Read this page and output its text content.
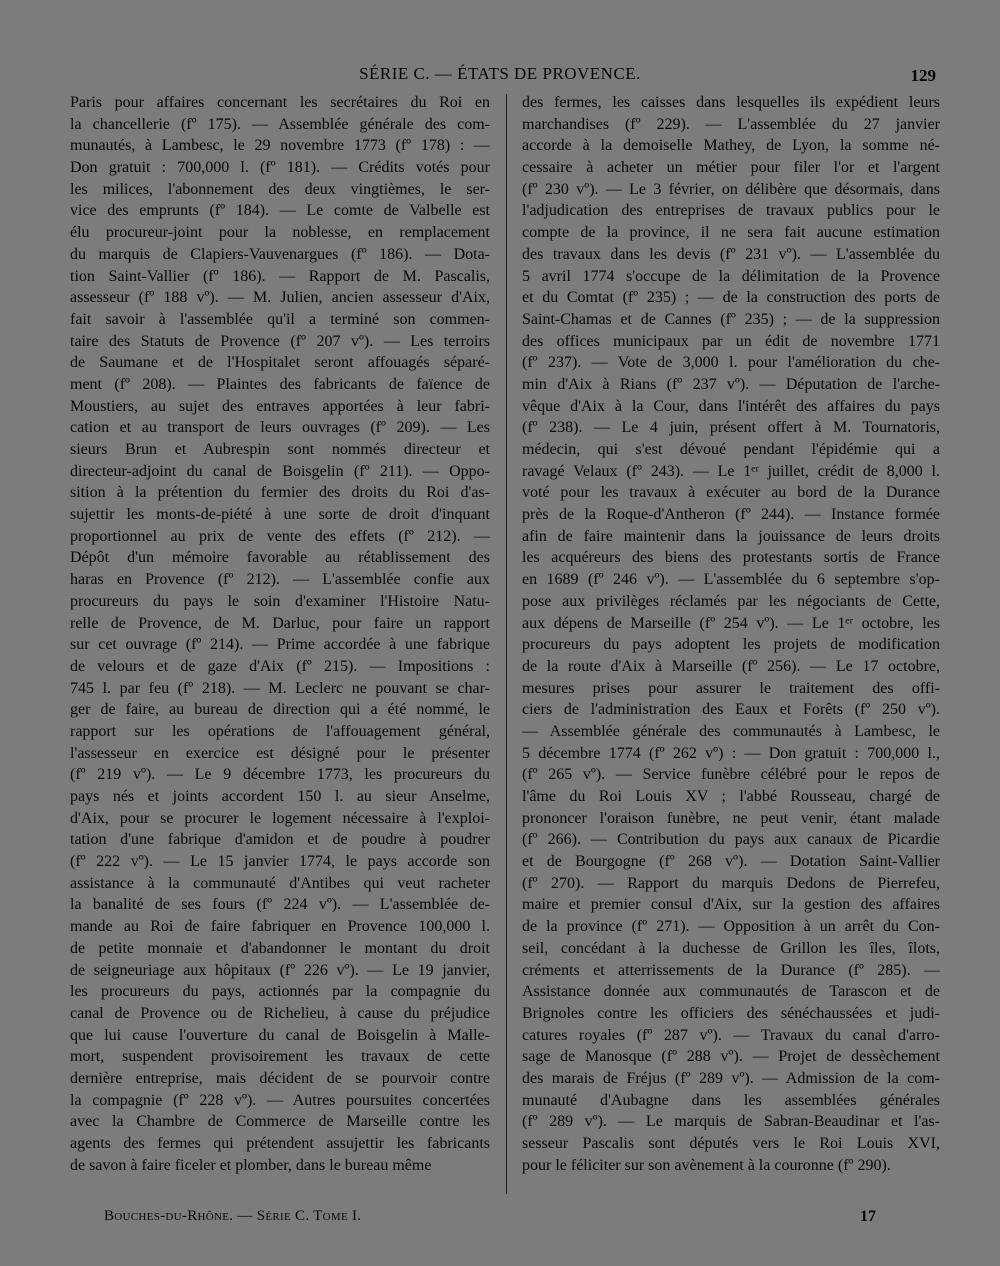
SÉRIE C. — ÉTATS DE PROVENCE.	129
Paris pour affaires concernant les secrétaires du Roi en
la chancellerie (fº 175). — Assemblée générale des com-
munautés, à Lambesc, le 29 novembre 1773 (fº 178) : —
Don gratuit : 700,000 l. (fº 181). — Crédits votés pour
les milices, l'abonnement des deux vingtièmes, le ser-
vice des emprunts (fº 184). — Le comte de Valbelle est
élu procureur-joint pour la noblesse, en remplacement
du marquis de Clapiers-Vauvenargues (fº 186). — Dota-
tion Saint-Vallier (fº 186). — Rapport de M. Pascalis,
assesseur (fº 188 vº). — M. Julien, ancien assesseur d'Aix,
fait savoir à l'assemblée qu'il a terminé son commen-
taire des Statuts de Provence (fº 207 vº). — Les terroirs
de Saumane et de l'Hospitalet seront affouagés séparé-
ment (fº 208). — Plaintes des fabricants de faïence de
Moustiers, au sujet des entraves apportées à leur fabri-
cation et au transport de leurs ouvrages (fº 209). — Les
sieurs Brun et Aubrespin sont nommés directeur et
directeur-adjoint du canal de Boisgelin (fº 211). — Oppo-
sition à la prétention du fermier des droits du Roi d'as-
sujettir les monts-de-piété à une sorte de droit d'inquant
proportionnel au prix de vente des effets (fº 212). —
Dépôt d'un mémoire favorable au rétablissement des
haras en Provence (fº 212). — L'assemblée confie aux
procureurs du pays le soin d'examiner l'Histoire Natu-
relle de Provence, de M. Darluc, pour faire un rapport
sur cet ouvrage (fº 214). — Prime accordée à une fabrique
de velours et de gaze d'Aix (fº 215). — Impositions :
745 l. par feu (fº 218). — M. Leclerc ne pouvant se char-
ger de faire, au bureau de direction qui a été nommé, le
rapport sur les opérations de l'affouagement général,
l'assesseur en exercice est désigné pour le présenter
(fº 219 vº). — Le 9 décembre 1773, les procureurs du
pays nés et joints accordent 150 l. au sieur Anselme,
d'Aix, pour se procurer le logement nécessaire à l'exploi-
tation d'une fabrique d'amidon et de poudre à poudrer
(fº 222 vº). — Le 15 janvier 1774, le pays accorde son
assistance à la communauté d'Antibes qui veut racheter
la banalité de ses fours (fº 224 vº). — L'assemblée de-
mande au Roi de faire fabriquer en Provence 100,000 l.
de petite monnaie et d'abandonner le montant du droit
de seigneuriage aux hôpitaux (fº 226 vº). — Le 19 janvier,
les procureurs du pays, actionnés par la compagnie du
canal de Provence ou de Richelieu, à cause du préjudice
que lui cause l'ouverture du canal de Boisgelin à Malle-
mort, suspendent provisoirement les travaux de cette
dernière entreprise, mais décident de se pourvoir contre
la compagnie (fº 228 vº). — Autres poursuites concertées
avec la Chambre de Commerce de Marseille contre les
agents des fermes qui prétendent assujettir les fabricants
de savon à faire ficeler et plomber, dans le bureau même
des fermes, les caisses dans lesquelles ils expédient leurs
marchandises (fº 229). — L'assemblée du 27 janvier
accorde à la demoiselle Mathey, de Lyon, la somme né-
cessaire à acheter un métier pour filer l'or et l'argent
(fº 230 vº). — Le 3 février, on délibère que désormais, dans
l'adjudication des entreprises de travaux publics pour le
compte de la province, il ne sera fait aucune estimation
des travaux dans les devis (fº 231 vº). — L'assemblée du
5 avril 1774 s'occupe de la délimitation de la Provence
et du Comtat (fº 235) ; — de la construction des ports de
Saint-Chamas et de Cannes (fº 235) ; — de la suppression
des offices municipaux par un édit de novembre 1771
(fº 237). — Vote de 3,000 l. pour l'amélioration du che-
min d'Aix à Rians (fº 237 vº). — Députation de l'arche-
vêque d'Aix à la Cour, dans l'intérêt des affaires du pays
(fº 238). — Le 4 juin, présent offert à M. Tournatoris,
médecin, qui s'est dévoué pendant l'épidémie qui a
ravagé Velaux (fº 243). — Le 1ᵉʳ juillet, crédit de 8,000 l.
voté pour les travaux à exécuter au bord de la Durance
près de la Roque-d'Antheron (fº 244). — Instance formée
afin de faire maintenir dans la jouissance de leurs droits
les acquéreurs des biens des protestants sortis de France
en 1689 (fº 246 vº). — L'assemblée du 6 septembre s'op-
pose aux privilèges réclamés par les négociants de Cette,
aux dépens de Marseille (fº 254 vº). — Le 1ᵉʳ octobre, les
procureurs du pays adoptent les projets de modification
de la route d'Aix à Marseille (fº 256). — Le 17 octobre,
mesures prises pour assurer le traitement des offi-
ciers de l'administration des Eaux et Forêts (fº 250 vº).
— Assemblée générale des communautés à Lambesc, le
5 décembre 1774 (fº 262 vº) : — Don gratuit : 700,000 l.,
(fº 265 vº). — Service funèbre célébré pour le repos de
l'âme du Roi Louis XV ; l'abbé Rousseau, chargé de
prononcer l'oraison funèbre, ne peut venir, étant malade
(fº 266). — Contribution du pays aux canaux de Picardie
et de Bourgogne (fº 268 vº). — Dotation Saint-Vallier
(fº 270). — Rapport du marquis Dedons de Pierrefeu,
maire et premier consul d'Aix, sur la gestion des affaires
de la province (fº 271). — Opposition à un arrêt du Con-
seil, concédant à la duchesse de Grillon les îles, îlots,
créments et atterrissements de la Durance (fº 285). —
Assistance donnée aux communautés de Tarascon et de
Brignoles contre les officiers des sénéchaussées et judi-
catures royales (fº 287 vº). — Travaux du canal d'arro-
sage de Manosque (fº 288 vº). — Projet de dessèchement
des marais de Fréjus (fº 289 vº). — Admission de la com-
munauté d'Aubagne dans les assemblées générales
(fº 289 vº). — Le marquis de Sabran-Beaudinar et l'as-
sesseur Pascalis sont députés vers le Roi Louis XVI,
pour le féliciter sur son avènement à la couronne (fº 290).
Bouches-du-Rhône. — Série C. Tome I.	17
